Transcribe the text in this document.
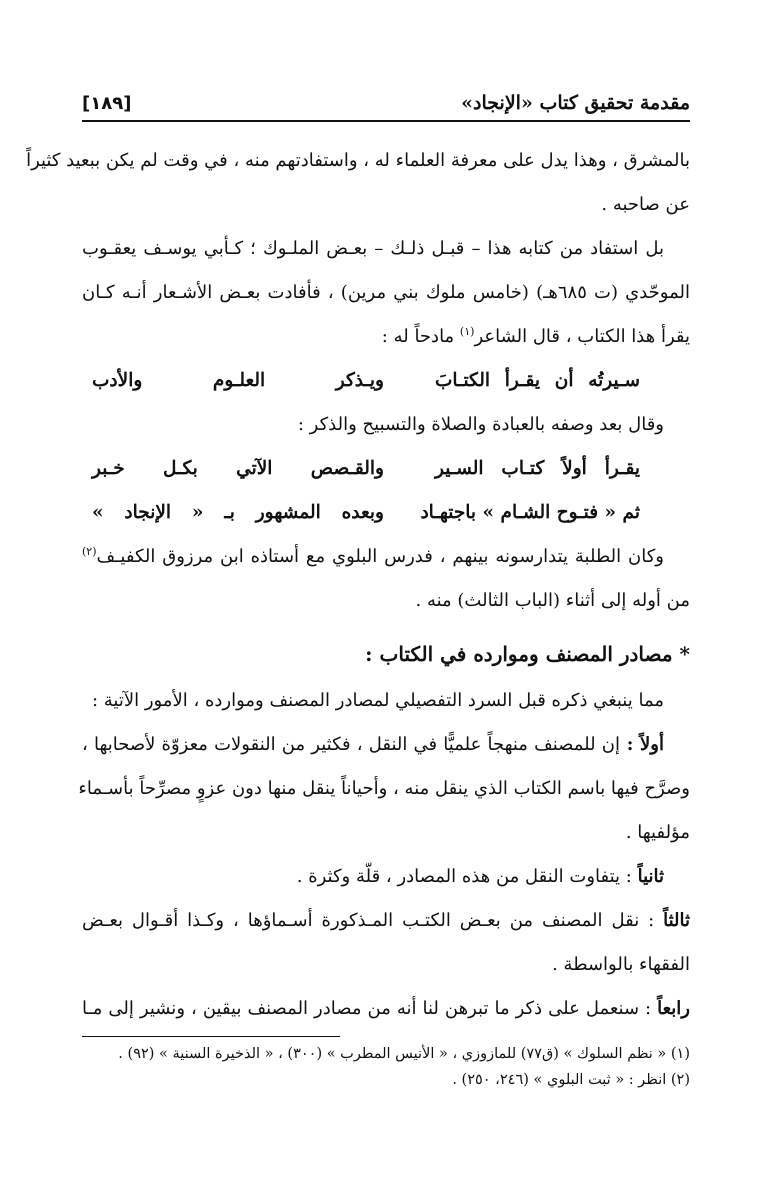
مقدمة تحقيق كتاب «الإنجاد»
[١٨٩]
بالمشرق ، وهذا يدل على معرفة العلماء له ، واستفادتهم منه ، في وقت لم يكن ببعيد كثيراً
عن صاحبه .
بل استفاد من كتابه هذا – قبـل ذلـك – بعـض الملـوك ؛ كـأبي يوسـف يعقـوب
الموحّدي (ت ٦٨٥هـ) (خامس ملوك بني مرين) ، فأفادت بعـض الأشـعار أنـه كـان
يقرأ هذا الكتاب ، قال الشاعر$^{(١)}$ مادحاً له :
سـيرتُه أن يقـرأ الكتـابَ
ويـذكر العلـوم والأدب
وقال بعد وصفه بالعبادة والصلاة والتسبيح والذكر :
يقـرأ أولاً كتـاب السـير
والقـصص الآتي بكـل خـبر
ثم « فتـوح الشـام » باجتهـاد
وبعده المشهور بـ « الإنجاد »
وكان الطلبة يتدارسونه بينهم ، فدرس البلوي مع أستاذه ابن مرزوق الكفيـف$^{(٢)}$
من أوله إلى أثناء (الباب الثالث) منه .
* مصادر المصنف وموارده في الكتاب :
مما ينبغي ذكره قبل السرد التفصيلي لمصادر المصنف وموارده ، الأمور الآتية :
أولاً : إن للمصنف منهجاً علميًّا في النقل ، فكثير من النقولات معزوّة لأصحابها ،
وصرَّح فيها باسم الكتاب الذي ينقل منه ، وأحياناً ينقل منها دون عزوٍ مصرِّحاً بأسـماء
مؤلفيها .
ثانياً : يتفاوت النقل من هذه المصادر ، قلّة وكثرة .
ثالثاً : نقل المصنف من بعـض الكتـب المـذكورة أسـماؤها ، وكـذا أقـوال بعـض
الفقهاء بالواسطة .
رابعاً : سنعمل على ذكر ما تبرهن لنا أنه من مصادر المصنف بيقين ، ونشير إلى مـا
(١) « نظم السلوك » (ق٧٧) للمازوزي ، « الأنيس المطرب » (٣٠٠) ، « الذخيرة السنية » (٩٢) .
(٢) انظر : « ثبت البلوي » (٢٤٦، ٢٥٠) .
